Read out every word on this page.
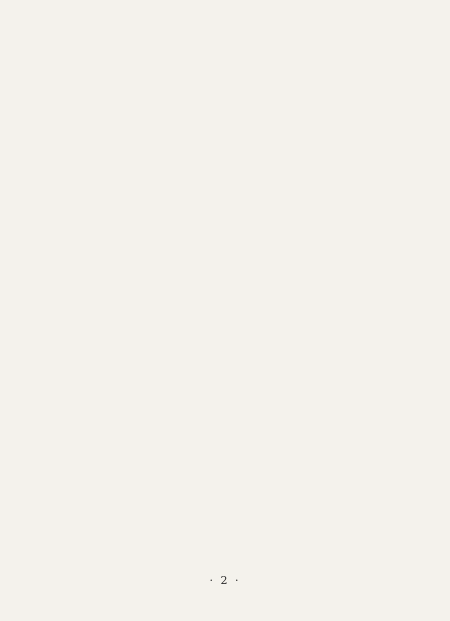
· 2 ·
